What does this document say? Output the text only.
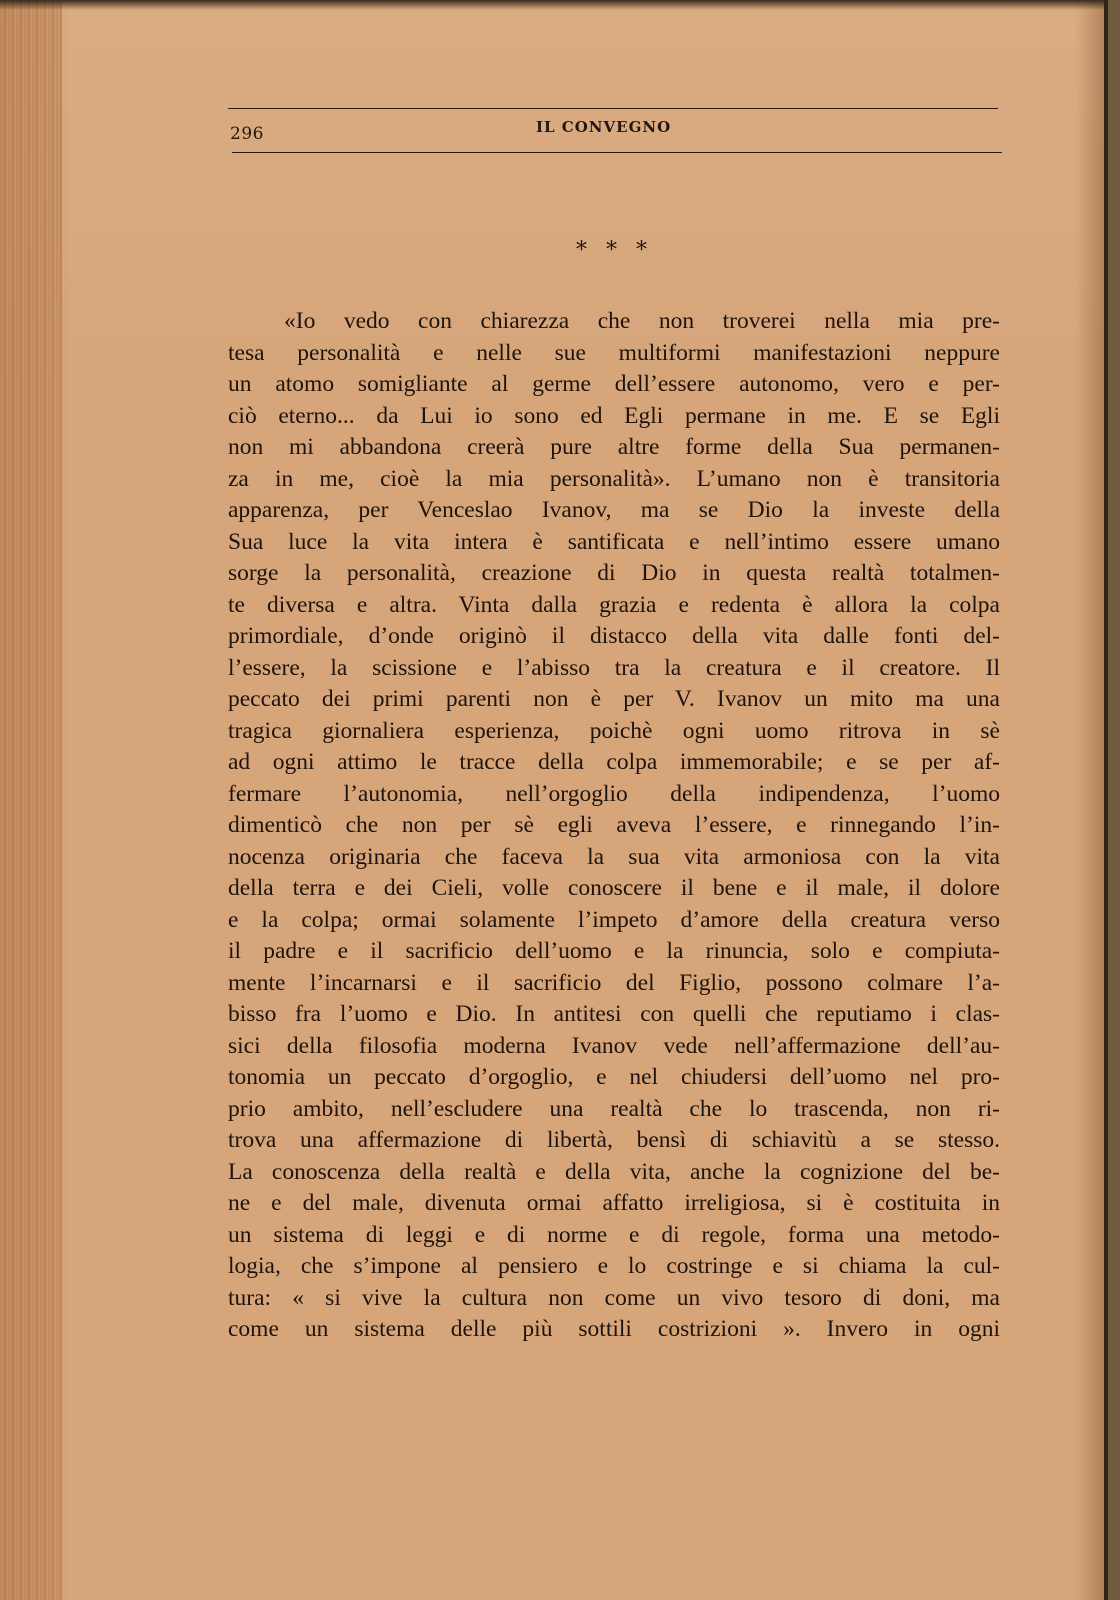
296	IL CONVEGNO
* * *
«Io vedo con chiarezza che non troverei nella mia pre-
tesa personalità e nelle sue multiformi manifestazioni neppure
un atomo somigliante al germe dell’essere autonomo, vero e per-
ciò eterno... da Lui io sono ed Egli permane in me. E se Egli
non mi abbandona creerà pure altre forme della Sua permanen-
za in me, cioè la mia personalità». L’umano non è transitoria
apparenza, per Venceslao Ivanov, ma se Dio la investe della
Sua luce la vita intera è santificata e nell’intimo essere umano
sorge la personalità, creazione di Dio in questa realtà totalmen-
te diversa e altra. Vinta dalla grazia e redenta è allora la colpa
primordiale, d’onde originò il distacco della vita dalle fonti del-
l’essere, la scissione e l’abisso tra la creatura e il creatore. Il
peccato dei primi parenti non è per V. Ivanov un mito ma una
tragica giornaliera esperienza, poichè ogni uomo ritrova in sè
ad ogni attimo le tracce della colpa immemorabile; e se per af-
fermare l’autonomia, nell’orgoglio della indipendenza, l’uomo
dimenticò che non per sè egli aveva l’essere, e rinnegando l’in-
nocenza originaria che faceva la sua vita armoniosa con la vita
della terra e dei Cieli, volle conoscere il bene e il male, il dolore
e la colpa; ormai solamente l’impeto d’amore della creatura verso
il padre e il sacrificio dell’uomo e la rinuncia, solo e compiuta-
mente l’incarnarsi e il sacrificio del Figlio, possono colmare l’a-
bisso fra l’uomo e Dio. In antitesi con quelli che reputiamo i clas-
sici della filosofia moderna Ivanov vede nell’affermazione dell’au-
tonomia un peccato d’orgoglio, e nel chiudersi dell’uomo nel pro-
prio ambito, nell’escludere una realtà che lo trascenda, non ri-
trova una affermazione di libertà, bensì di schiavitù a se stesso.
La conoscenza della realtà e della vita, anche la cognizione del be-
ne e del male, divenuta ormai affatto irreligiosa, si è costituita in
un sistema di leggi e di norme e di regole, forma una metodo-
logia, che s’impone al pensiero e lo costringe e si chiama la cul-
tura: « si vive la cultura non come un vivo tesoro di doni, ma
come un sistema delle più sottili costrizioni ». Invero in ogni
